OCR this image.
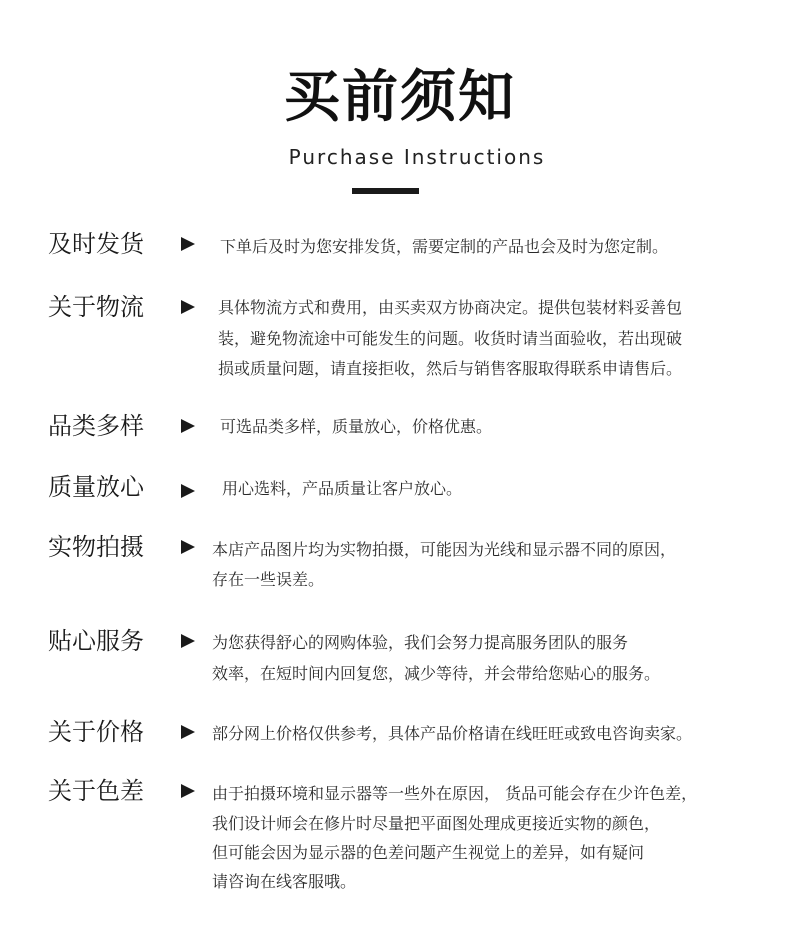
买前须知
Purchase Instructions
及时发货	下单后及时为您安排发货，需要定制的产品也会及时为您定制。
关于物流	具体物流方式和费用，由买卖双方协商决定。提供包装材料妥善包
装，避免物流途中可能发生的问题。收货时请当面验收，若出现破
损或质量问题，请直接拒收，然后与销售客服取得联系申请售后。
品类多样	可选品类多样，质量放心，价格优惠。
质量放心	用心选料，产品质量让客户放心。
实物拍摄	本店产品图片均为实物拍摄，可能因为光线和显示器不同的原因，
存在一些误差。
贴心服务	为您获得舒心的网购体验，我们会努力提高服务团队的服务
效率，在短时间内回复您，减少等待，并会带给您贴心的服务。
关于价格	部分网上价格仅供参考，具体产品价格请在线旺旺或致电咨询卖家。
关于色差	由于拍摄环境和显示器等一些外在原因， 货品可能会存在少许色差，
我们设计师会在修片时尽量把平面图处理成更接近实物的颜色，
但可能会因为显示器的色差问题产生视觉上的差异，如有疑问
请咨询在线客服哦。
